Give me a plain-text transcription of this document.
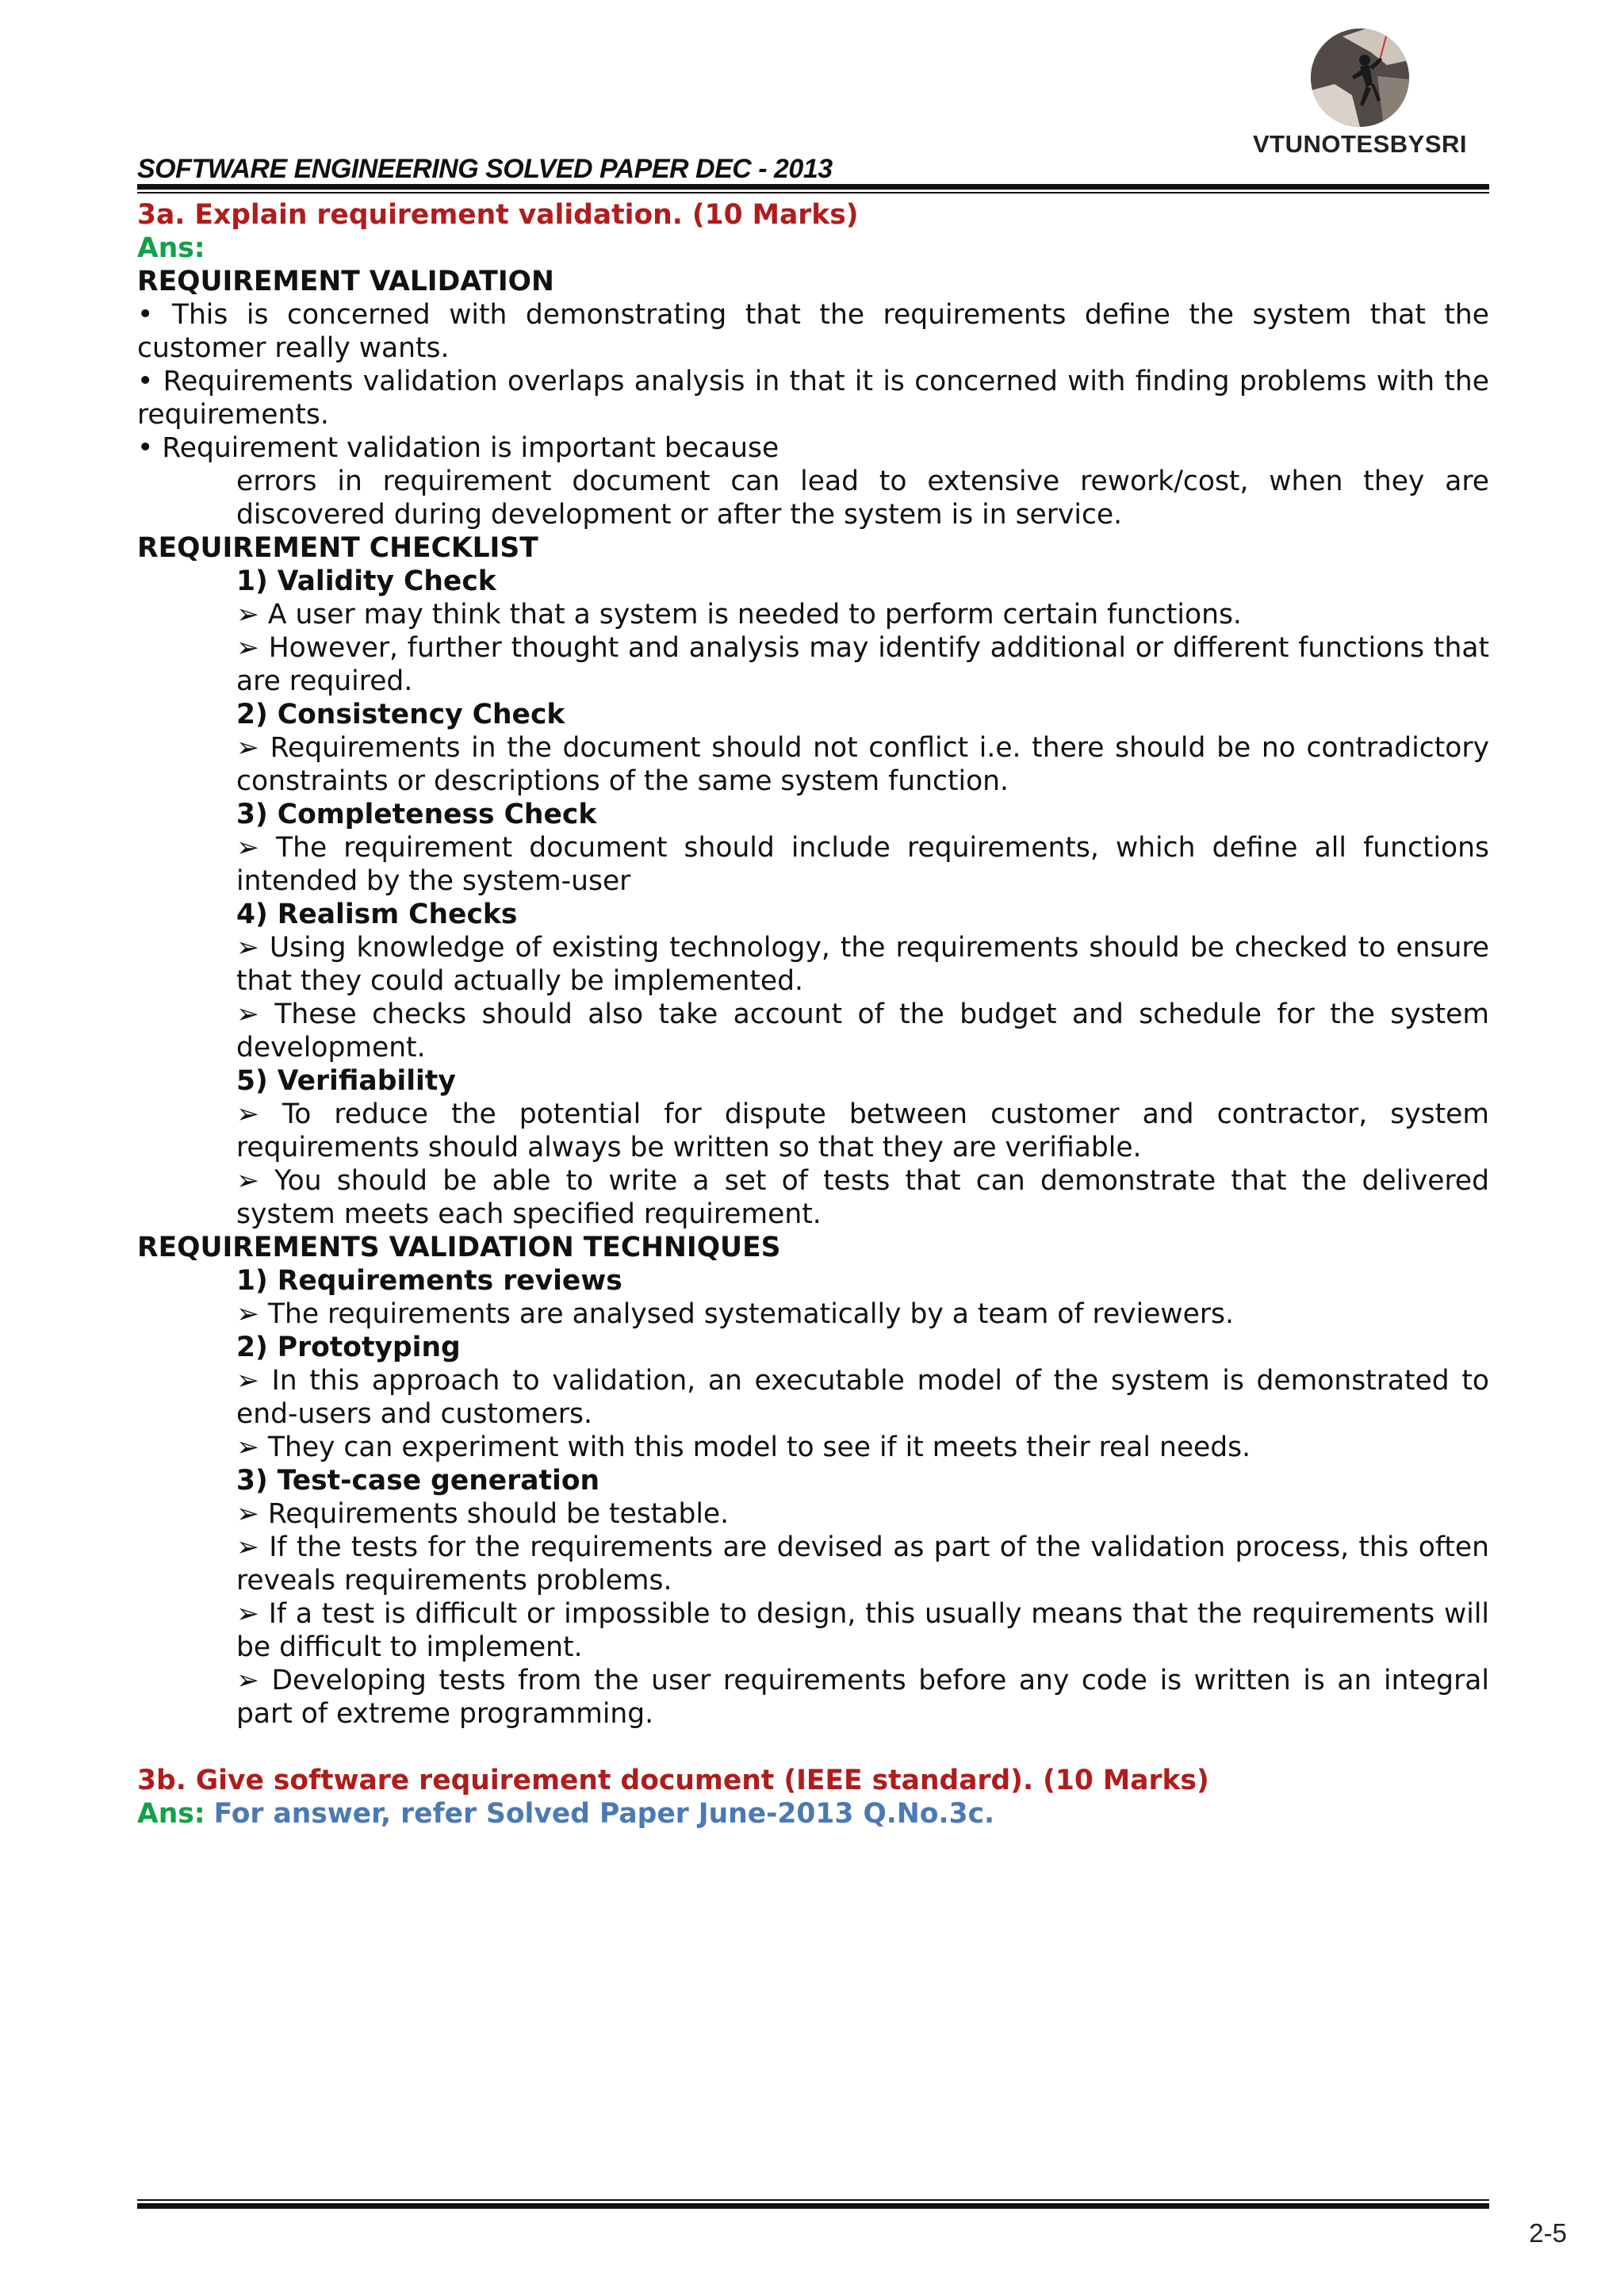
VTUNOTESBYSRI
SOFTWARE ENGINEERING SOLVED PAPER DEC - 2013

3a. Explain requirement validation. (10 Marks)

Ans:

REQUIREMENT VALIDATION

• This is concerned with demonstrating that the requirements define the system that the customer really wants.

• Requirements validation overlaps analysis in that it is concerned with finding problems with the requirements.

• Requirement validation is important because

errors in requirement document can lead to extensive rework/cost, when they are discovered during development or after the system is in service.

REQUIREMENT CHECKLIST

1) Validity Check

➢ A user may think that a system is needed to perform certain functions.

➢ However, further thought and analysis may identify additional or different functions that are required.

2) Consistency Check

➢ Requirements in the document should not conflict i.e. there should be no contradictory constraints or descriptions of the same system function.

3) Completeness Check

➢ The requirement document should include requirements, which define all functions intended by the system-user

4) Realism Checks

➢ Using knowledge of existing technology, the requirements should be checked to ensure that they could actually be implemented.

➢ These checks should also take account of the budget and schedule for the system development.

5) Verifiability

➢ To reduce the potential for dispute between customer and contractor, system requirements should always be written so that they are verifiable.

➢ You should be able to write a set of tests that can demonstrate that the delivered system meets each specified requirement.

REQUIREMENTS VALIDATION TECHNIQUES

1) Requirements reviews

➢ The requirements are analysed systematically by a team of reviewers.

2) Prototyping

➢ In this approach to validation, an executable model of the system is demonstrated to end-users and customers.

➢ They can experiment with this model to see if it meets their real needs.

3) Test-case generation

➢ Requirements should be testable.

➢ If the tests for the requirements are devised as part of the validation process, this often reveals requirements problems.

➢ If a test is difficult or impossible to design, this usually means that the requirements will be difficult to implement.

➢ Developing tests from the user requirements before any code is written is an integral part of extreme programming.

3b. Give software requirement document (IEEE standard). (10 Marks)

Ans: For answer, refer Solved Paper June-2013 Q.No.3c.

2-5
